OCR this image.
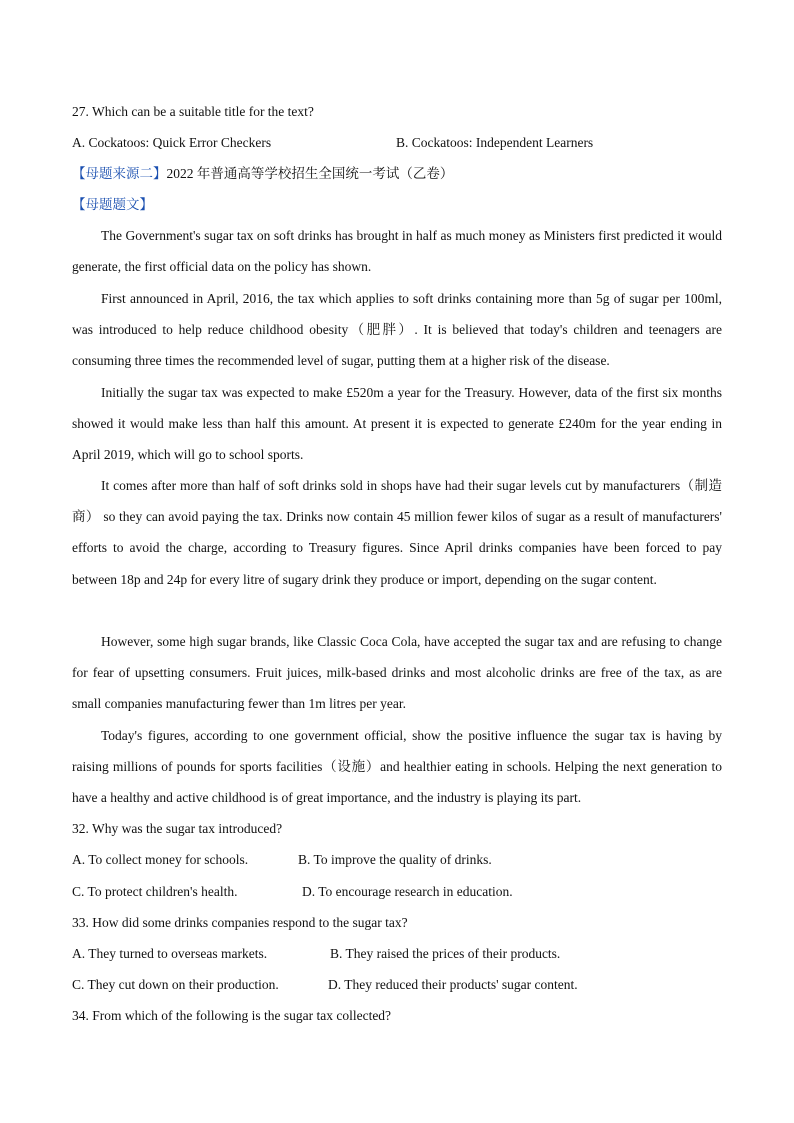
27. Which can be a suitable title for the text?
A. Cockatoos: Quick Error Checkers	B. Cockatoos: Independent Learners
【母题来源二】2022 年普通高等学校招生全国统一考试（乙卷）
【母题题文】

The Government's sugar tax on soft drinks has brought in half as much money as Ministers first predicted it would generate, the first official data on the policy has shown.

First announced in April, 2016, the tax which applies to soft drinks containing more than 5g of sugar per 100ml, was introduced to help reduce childhood obesity（肥胖）. It is believed that today's children and teenagers are consuming three times the recommended level of sugar, putting them at a higher risk of the disease.

Initially the sugar tax was expected to make £520m a year for the Treasury. However, data of the first six months showed it would make less than half this amount. At present it is expected to generate £240m for the year ending in April 2019, which will go to school sports.

It comes after more than half of soft drinks sold in shops have had their sugar levels cut by manufacturers（制造商） so they can avoid paying the tax. Drinks now contain 45 million fewer kilos of sugar as a result of manufacturers' efforts to avoid the charge, according to Treasury figures. Since April drinks companies have been forced to pay between 18p and 24p for every litre of sugary drink they produce or import, depending on the sugar content.

However, some high sugar brands, like Classic Coca Cola, have accepted the sugar tax and are refusing to change for fear of upsetting consumers. Fruit juices, milk-based drinks and most alcoholic drinks are free of the tax, as are small companies manufacturing fewer than 1m litres per year.

Today's figures, according to one government official, show the positive influence the sugar tax is having by raising millions of pounds for sports facilities（设施）and healthier eating in schools. Helping the next generation to have a healthy and active childhood is of great importance, and the industry is playing its part.

32. Why was the sugar tax introduced?
A. To collect money for schools.	B. To improve the quality of drinks.
C. To protect children's health.	D. To encourage research in education.
33. How did some drinks companies respond to the sugar tax?
A. They turned to overseas markets.	B. They raised the prices of their products.
C. They cut down on their production.	D. They reduced their products' sugar content.
34. From which of the following is the sugar tax collected?
